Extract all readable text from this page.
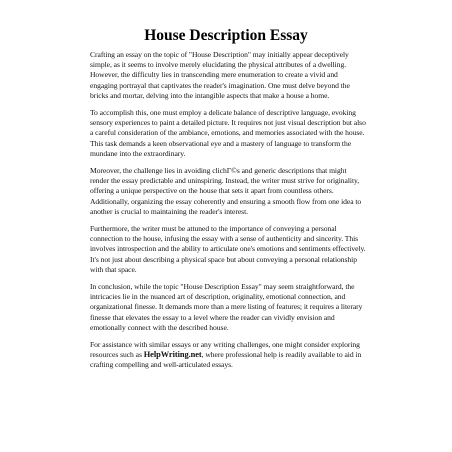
House Description Essay

Crafting an essay on the topic of "House Description" may initially appear deceptively simple, as it seems to involve merely elucidating the physical attributes of a dwelling. However, the difficulty lies in transcending mere enumeration to create a vivid and engaging portrayal that captivates the reader's imagination. One must delve beyond the bricks and mortar, delving into the intangible aspects that make a house a home.

To accomplish this, one must employ a delicate balance of descriptive language, evoking sensory experiences to paint a detailed picture. It requires not just visual description but also a careful consideration of the ambiance, emotions, and memories associated with the house. This task demands a keen observational eye and a mastery of language to transform the mundane into the extraordinary.

Moreover, the challenge lies in avoiding clichГ©s and generic descriptions that might render the essay predictable and uninspiring. Instead, the writer must strive for originality, offering a unique perspective on the house that sets it apart from countless others. Additionally, organizing the essay coherently and ensuring a smooth flow from one idea to another is crucial to maintaining the reader's interest.

Furthermore, the writer must be attuned to the importance of conveying a personal connection to the house, infusing the essay with a sense of authenticity and sincerity. This involves introspection and the ability to articulate one's emotions and sentiments effectively. It's not just about describing a physical space but about conveying a personal relationship with that space.

In conclusion, while the topic "House Description Essay" may seem straightforward, the intricacies lie in the nuanced art of description, originality, emotional connection, and organizational finesse. It demands more than a mere listing of features; it requires a literary finesse that elevates the essay to a level where the reader can vividly envision and emotionally connect with the described house.

For assistance with similar essays or any writing challenges, one might consider exploring resources such as HelpWriting.net, where professional help is readily available to aid in crafting compelling and well-articulated essays.
